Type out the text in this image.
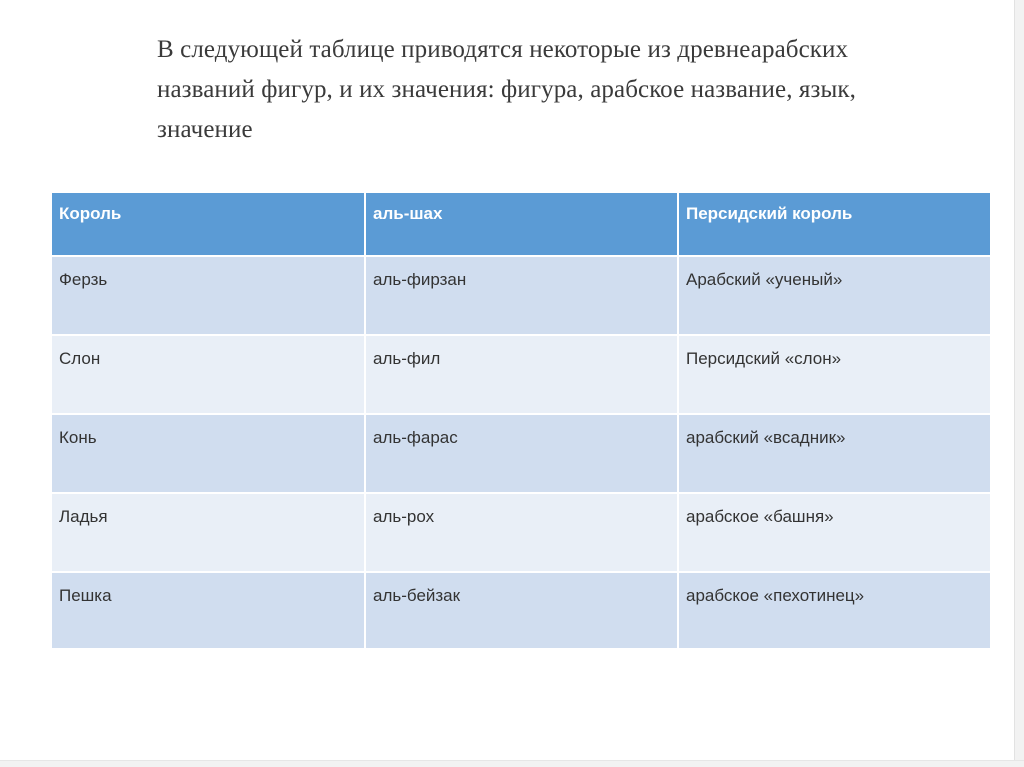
В следующей таблице приводятся некоторые из древнеарабских названий фигур, и их значения: фигура, арабское название, язык, значение

Король	аль-шах	Персидский король
Ферзь	аль-фирзан	Арабский «ученый»
Слон	аль-фил	Персидский «слон»
Конь	аль-фарас	арабский «всадник»
Ладья	аль-рох	арабское «башня»
Пешка	аль-бейзак	арабское «пехотинец»
